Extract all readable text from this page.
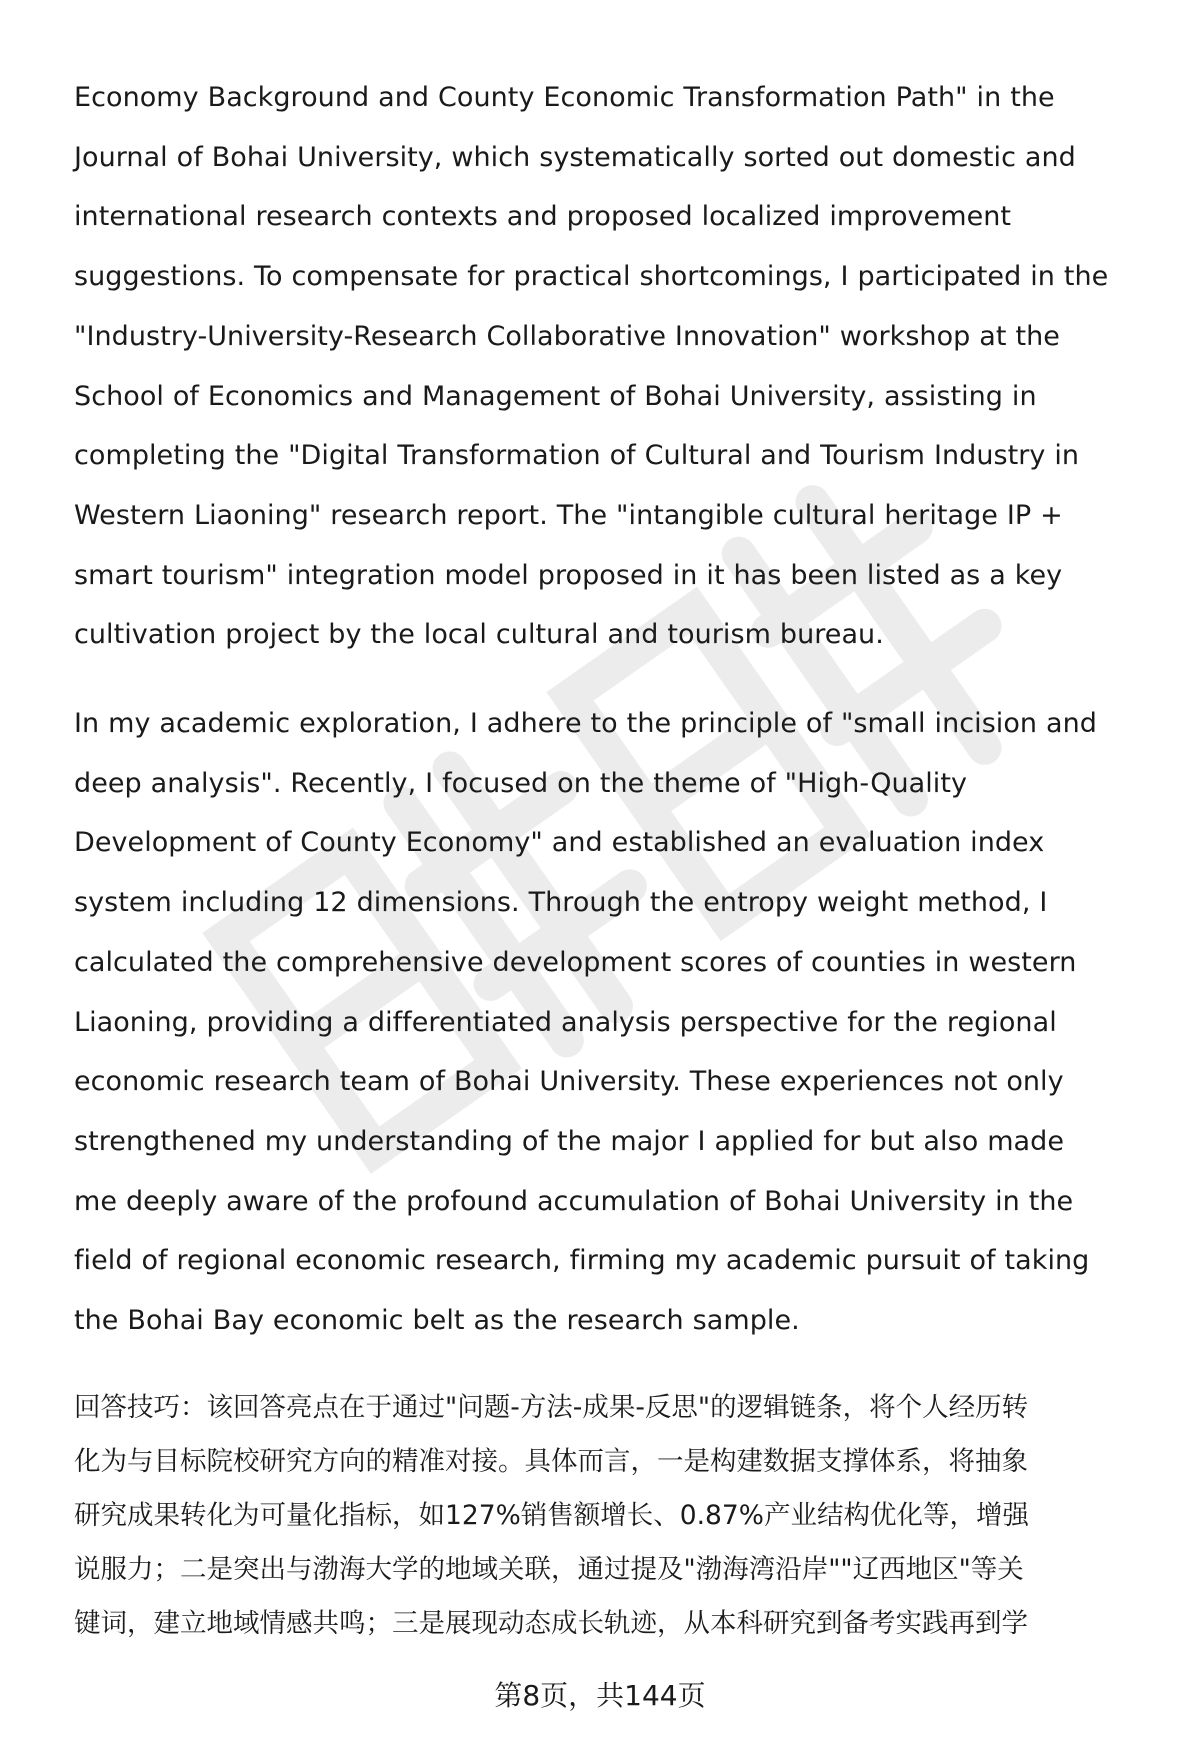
Economy Background and County Economic Transformation Path" in the
Journal of Bohai University, which systematically sorted out domestic and
international research contexts and proposed localized improvement
suggestions. To compensate for practical shortcomings, I participated in the
"Industry-University-Research Collaborative Innovation" workshop at the
School of Economics and Management of Bohai University, assisting in
completing the "Digital Transformation of Cultural and Tourism Industry in
Western Liaoning" research report. The "intangible cultural heritage IP +
smart tourism" integration model proposed in it has been listed as a key
cultivation project by the local cultural and tourism bureau.

In my academic exploration, I adhere to the principle of "small incision and
deep analysis". Recently, I focused on the theme of "High-Quality
Development of County Economy" and established an evaluation index
system including 12 dimensions. Through the entropy weight method, I
calculated the comprehensive development scores of counties in western
Liaoning, providing a differentiated analysis perspective for the regional
economic research team of Bohai University. These experiences not only
strengthened my understanding of the major I applied for but also made
me deeply aware of the profound accumulation of Bohai University in the
field of regional economic research, firming my academic pursuit of taking
the Bohai Bay economic belt as the research sample.

回答技巧：该回答亮点在于通过"问题-方法-成果-反思"的逻辑链条，将个人经历转
化为与目标院校研究方向的精准对接。具体而言，一是构建数据支撑体系，将抽象
研究成果转化为可量化指标，如127%销售额增长、0.87%产业结构优化等，增强
说服力；二是突出与渤海大学的地域关联，通过提及"渤海湾沿岸""辽西地区"等关
键词，建立地域情感共鸣；三是展现动态成长轨迹，从本科研究到备考实践再到学

第8页，共144页
